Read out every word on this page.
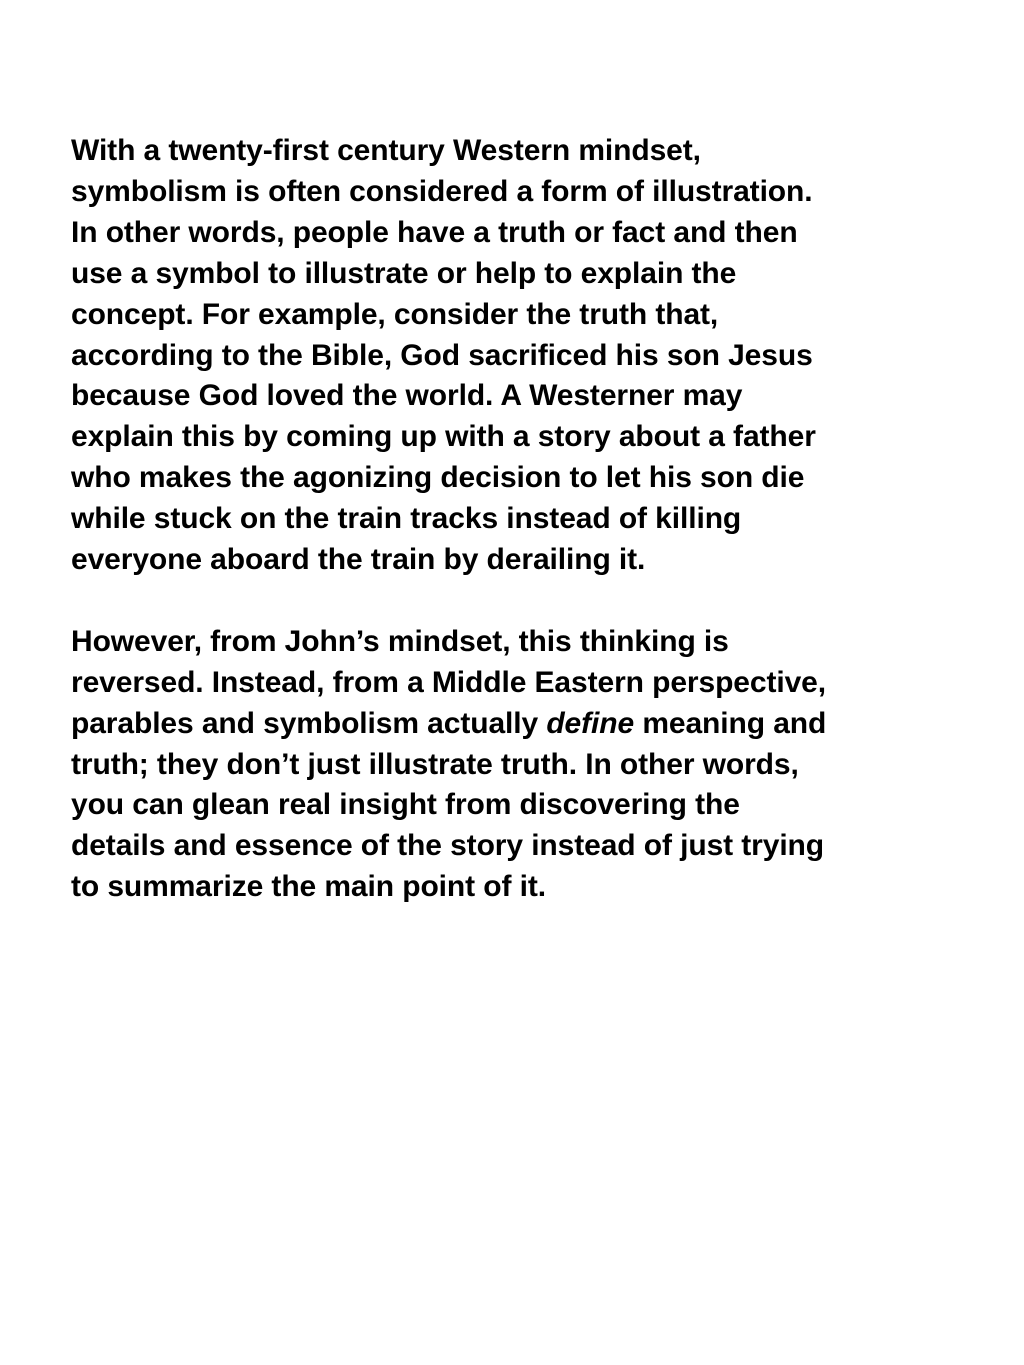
With a twenty-first century Western mindset,
symbolism is often considered a form of illustration.
In other words, people have a truth or fact and then
use a symbol to illustrate or help to explain the
concept. For example, consider the truth that,
according to the Bible, God sacrificed his son Jesus
because God loved the world. A Westerner may
explain this by coming up with a story about a father
who makes the agonizing decision to let his son die
while stuck on the train tracks instead of killing
everyone aboard the train by derailing it.

However, from John’s mindset, this thinking is
reversed. Instead, from a Middle Eastern perspective,
parables and symbolism actually define meaning and
truth; they don’t just illustrate truth. In other words,
you can glean real insight from discovering the
details and essence of the story instead of just trying
to summarize the main point of it.
